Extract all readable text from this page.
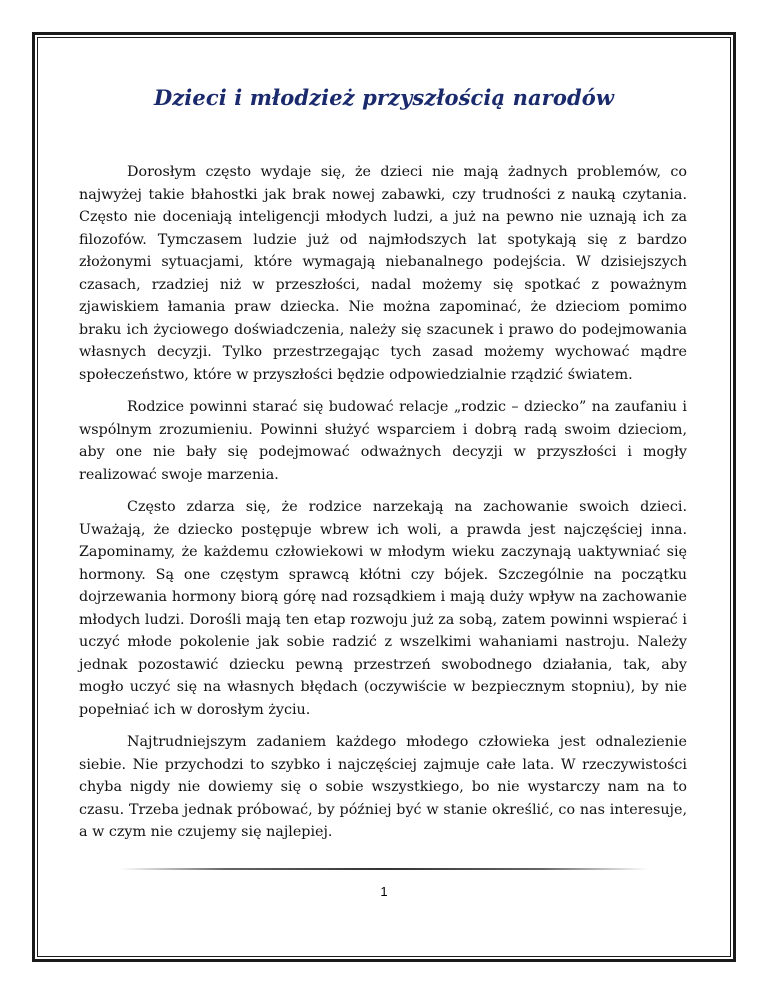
Dzieci i młodzież przyszłością narodów

Dorosłym często wydaje się, że dzieci nie mają żadnych problemów, co najwyżej takie błahostki jak brak nowej zabawki, czy trudności z nauką czytania. Często nie doceniają inteligencji młodych ludzi, a już na pewno nie uznają ich za filozofów. Tymczasem ludzie już od najmłodszych lat spotykają się z bardzo złożonymi sytuacjami, które wymagają niebanalnego podejścia. W dzisiejszych czasach, rzadziej niż w przeszłości, nadal możemy się spotkać z poważnym zjawiskiem łamania praw dziecka. Nie można zapominać, że dzieciom pomimo braku ich życiowego doświadczenia, należy się szacunek i prawo do podejmowania własnych decyzji. Tylko przestrzegając tych zasad możemy wychować mądre społeczeństwo, które w przyszłości będzie odpowiedzialnie rządzić światem.

Rodzice powinni starać się budować relacje „rodzic – dziecko” na zaufaniu i wspólnym zrozumieniu. Powinni służyć wsparciem i dobrą radą swoim dzieciom, aby one nie bały się podejmować odważnych decyzji w przyszłości i mogły realizować swoje marzenia.

Często zdarza się, że rodzice narzekają na zachowanie swoich dzieci. Uważają, że dziecko postępuje wbrew ich woli, a prawda jest najczęściej inna. Zapominamy, że każdemu człowiekowi w młodym wieku zaczynają uaktywniać się hormony. Są one częstym sprawcą kłótni czy bójek. Szczególnie na początku dojrzewania hormony biorą górę nad rozsądkiem i mają duży wpływ na zachowanie młodych ludzi. Dorośli mają ten etap rozwoju już za sobą, zatem powinni wspierać i uczyć młode pokolenie jak sobie radzić z wszelkimi wahaniami nastroju. Należy jednak pozostawić dziecku pewną przestrzeń swobodnego działania, tak, aby mogło uczyć się na własnych błędach (oczywiście w bezpiecznym stopniu), by nie popełniać ich w dorosłym życiu.

Najtrudniejszym zadaniem każdego młodego człowieka jest odnalezienie siebie. Nie przychodzi to szybko i najczęściej zajmuje całe lata. W rzeczywistości chyba nigdy nie dowiemy się o sobie wszystkiego, bo nie wystarczy nam na to czasu. Trzeba jednak próbować, by później być w stanie określić, co nas interesuje, a w czym nie czujemy się najlepiej.

1
